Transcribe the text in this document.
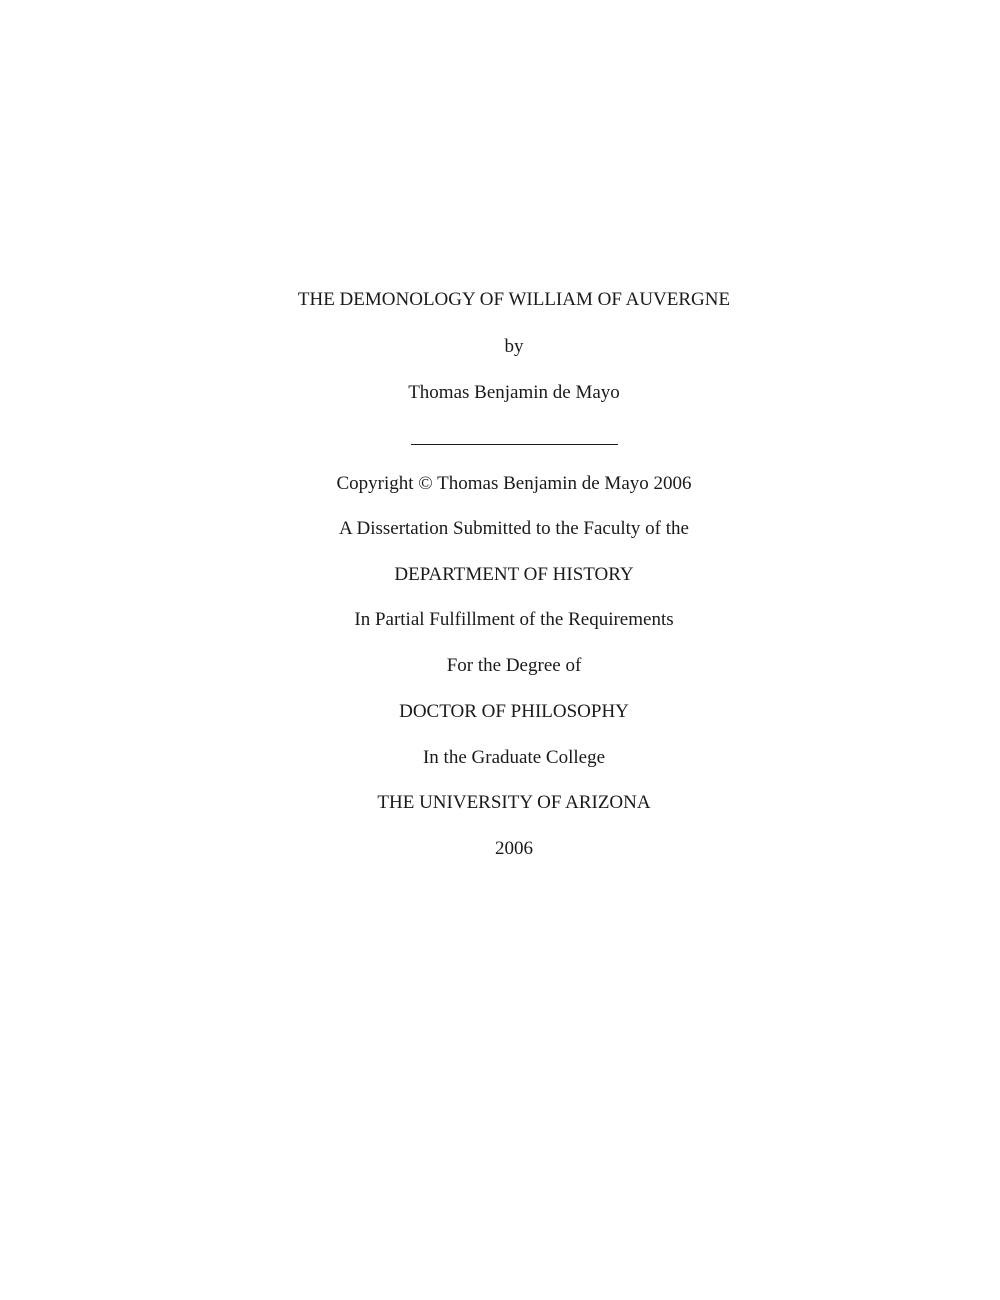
THE DEMONOLOGY OF WILLIAM OF AUVERGNE
by
Thomas Benjamin de Mayo
Copyright © Thomas Benjamin de Mayo 2006
A Dissertation Submitted to the Faculty of the
DEPARTMENT OF HISTORY
In Partial Fulfillment of the Requirements
For the Degree of
DOCTOR OF PHILOSOPHY
In the Graduate College
THE UNIVERSITY OF ARIZONA
2006
